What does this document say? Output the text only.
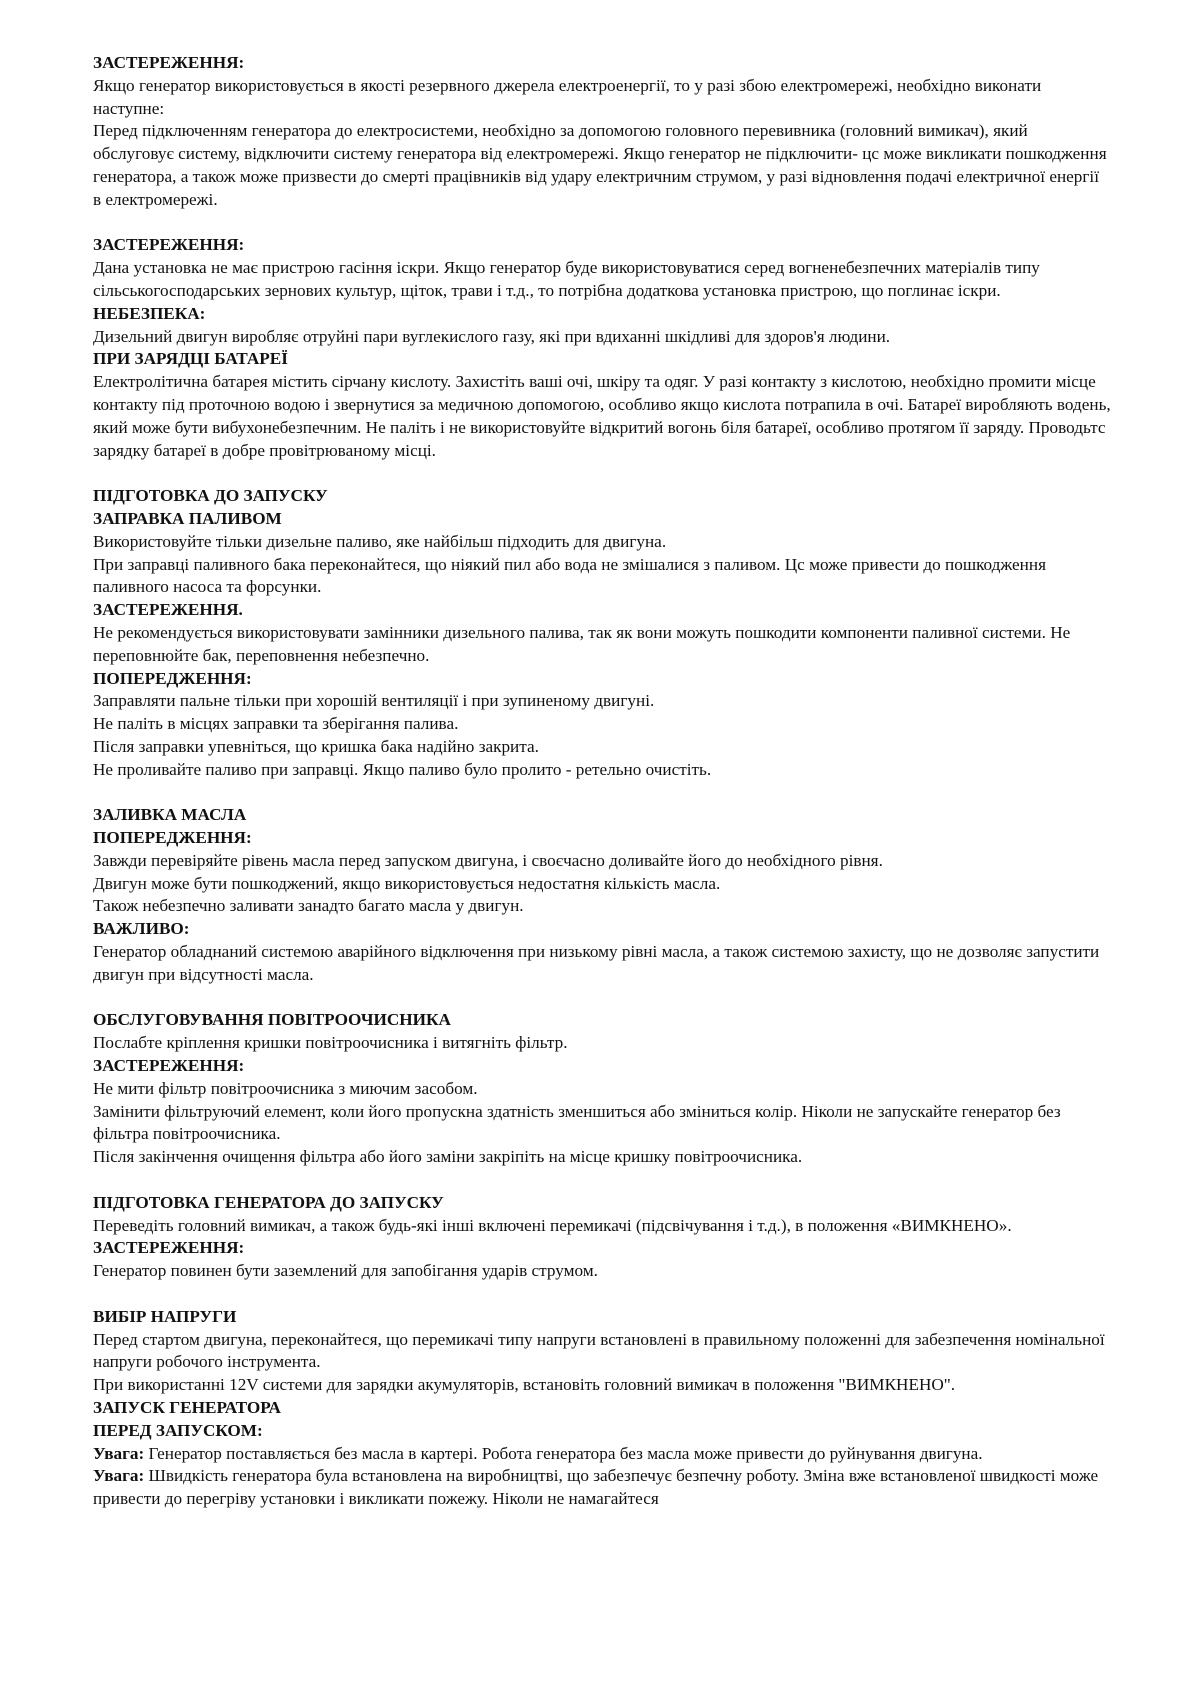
ЗАСТЕРЕЖЕННЯ:

Якщо генератор використовується в якості резервного джерела електроенергії, то у разі збою електромережі, необхідно виконати наступне:

Перед підключенням генератора до електросистеми, необхідно за допомогою головного перевивника (головний вимикач), який обслуговує систему, відключити систему генератора від електромережі. Якщо генератор не підключити- цс може викликати пошкодження генератора, а також може призвести до смерті працівників від удару електричним струмом, у разі відновлення подачі електричної енергії в електромережі.

ЗАСТЕРЕЖЕННЯ:

Дана установка не має пристрою гасіння іскри. Якщо генератор буде використовуватися серед вогненебезпечних матеріалів типу сільськогосподарських зернових культур, щіток, трави і т.д., то потрібна додаткова установка пристрою, що поглинає іскри.

НЕБЕЗПЕКА:

Дизельний двигун виробляє отруйні пари вуглекислого газу, які при вдиханні шкідливі для здоров'я людини.

ПРИ ЗАРЯДЦІ БАТАРЕЇ

Електролітична батарея містить сірчану кислоту. Захистіть ваші очі, шкіру та одяг. У разі контакту з кислотою, необхідно промити місце контакту під проточною водою і звернутися за медичною допомогою, особливо якщо кислота потрапила в очі. Батареї виробляють водень, який може бути вибухонебезпечним. Не паліть і не використовуйте відкритий вогонь біля батареї, особливо протягом її заряду. Проводьтс зарядку батареї в добре провітрюваному місці.

ПІДГОТОВКА ДО ЗАПУСКУ
ЗАПРАВКА ПАЛИВОМ

Використовуйте тільки дизельне паливо, яке найбільш підходить для двигуна.

При заправці паливного бака переконайтеся, що ніякий пил або вода не змішалися з паливом. Цс може привести до пошкодження паливного насоса та форсунки.

ЗАСТЕРЕЖЕННЯ.

Не рекомендується використовувати замінники дизельного палива, так як вони можуть пошкодити компоненти паливної системи. Не переповнюйте бак, переповнення небезпечно.

ПОПЕРЕДЖЕННЯ:

Заправляти пальне тільки при хорошій вентиляції і при зупиненому двигуні.

Не паліть в місцях заправки та зберігання палива.

Після заправки упевніться, що кришка бака надійно закрита.

Не проливайте паливо при заправці. Якщо паливо було пролито - ретельно очистіть.

ЗАЛИВКА МАСЛА
ПОПЕРЕДЖЕННЯ:

Завжди перевіряйте рівень масла перед запуском двигуна, і своєчасно доливайте його до необхідного рівня.

Двигун може бути пошкоджений, якщо використовується недостатня кількість масла.

Також небезпечно заливати занадто багато масла у двигун.

ВАЖЛИВО:

Генератор обладнаний системою аварійного відключення при низькому рівні масла, а також системою захисту, що не дозволяє запустити двигун при відсутності масла.

ОБСЛУГОВУВАННЯ ПОВІТРООЧИСНИКА

Послабте кріплення кришки повітроочисника і витягніть фільтр.

ЗАСТЕРЕЖЕННЯ:

Не мити фільтр повітроочисника з миючим засобом.

Замінити фільтруючий елемент, коли його пропускна здатність зменшиться або зміниться колір. Ніколи не запускайте генератор без фільтра повітроочисника.

Після закінчення очищення фільтра або його заміни закріпіть на місце кришку повітроочисника.

ПІДГОТОВКА ГЕНЕРАТОРА ДО ЗАПУСКУ

Переведіть головний вимикач, а також будь-які інші включені перемикачі (підсвічування і т.д.), в положення «ВИМКНЕНО».

ЗАСТЕРЕЖЕННЯ:

Генератор повинен бути заземлений для запобігання ударів струмом.

ВИБІР НАПРУГИ

Перед стартом двигуна, переконайтеся, що перемикачі типу напруги встановлені в правильному положенні для забезпечення номінальної напруги робочого інструмента.

При використанні 12V системи для зарядки акумуляторів, встановіть головний вимикач в положення "ВИМКНЕНО".

ЗАПУСК ГЕНЕРАТОРА
ПЕРЕД ЗАПУСКОМ:

Увага: Генератор поставляється без масла в картері. Робота генератора без масла може привести до руйнування двигуна.

Увага: Швидкість генератора була встановлена на виробництві, що забезпечує безпечну роботу. Зміна вже встановленої швидкості може привести до перегріву установки і викликати пожежу. Ніколи не намагайтеся
